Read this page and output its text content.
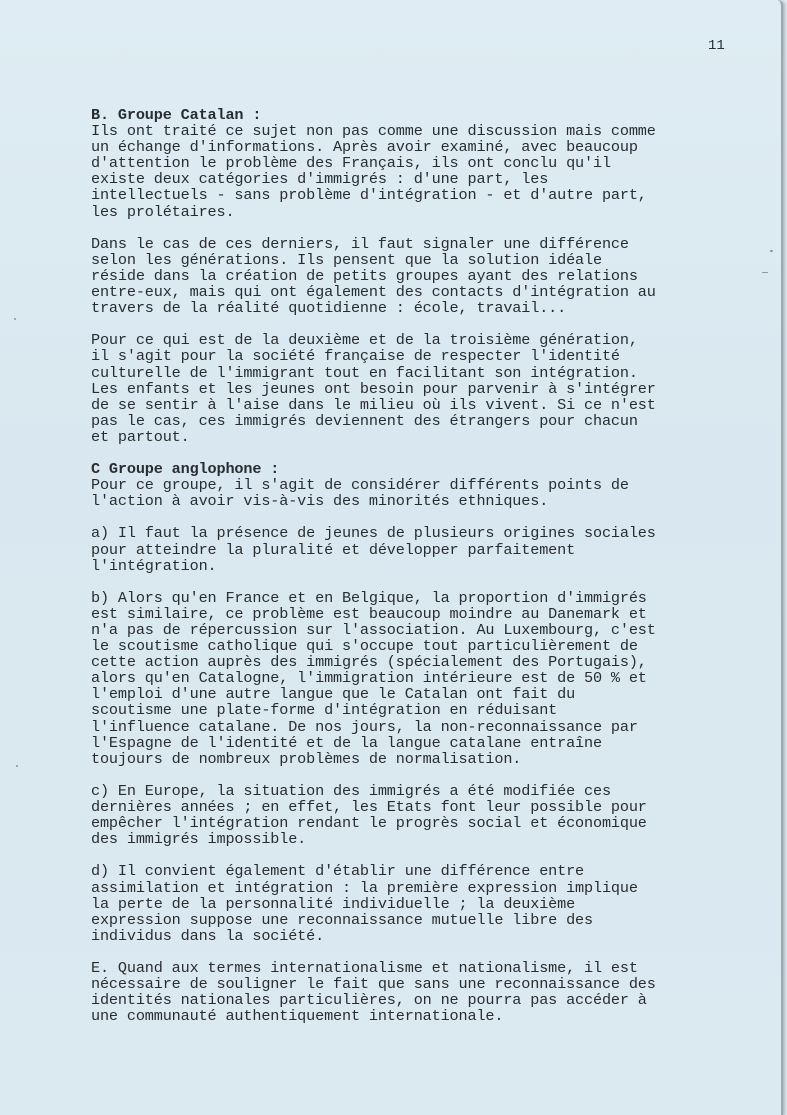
11
B. Groupe Catalan :
Ils ont traité ce sujet non pas comme une discussion mais comme
un échange d'informations. Après avoir examiné, avec beaucoup
d'attention le problème des Français, ils ont conclu qu'il
existe deux catégories d'immigrés : d'une part, les
intellectuels - sans problème d'intégration - et d'autre part,
les prolétaires.
Dans le cas de ces derniers, il faut signaler une différence
selon les générations. Ils pensent que la solution idéale
réside dans la création de petits groupes ayant des relations
entre-eux, mais qui ont également des contacts d'intégration au
travers de la réalité quotidienne : école, travail...
Pour ce qui est de la deuxième et de la troisième génération,
il s'agit pour la société française de respecter l'identité
culturelle de l'immigrant tout en facilitant son intégration.
Les enfants et les jeunes ont besoin pour parvenir à s'intégrer
de se sentir à l'aise dans le milieu où ils vivent. Si ce n'est
pas le cas, ces immigrés deviennent des étrangers pour chacun
et partout.
C Groupe anglophone :
Pour ce groupe, il s'agit de considérer différents points de
l'action à avoir vis-à-vis des minorités ethniques.
a) Il faut la présence de jeunes de plusieurs origines sociales
pour atteindre la pluralité et développer parfaitement
l'intégration.
b) Alors qu'en France et en Belgique, la proportion d'immigrés
est similaire, ce problème est beaucoup moindre au Danemark et
n'a pas de répercussion sur l'association. Au Luxembourg, c'est
le scoutisme catholique qui s'occupe tout particulièrement de
cette action auprès des immigrés (spécialement des Portugais),
alors qu'en Catalogne, l'immigration intérieure est de 50 % et
l'emploi d'une autre langue que le Catalan ont fait du
scoutisme une plate-forme d'intégration en réduisant
l'influence catalane. De nos jours, la non-reconnaissance par
l'Espagne de l'identité et de la langue catalane entraîne
toujours de nombreux problèmes de normalisation.
c) En Europe, la situation des immigrés a été modifiée ces
dernières années ; en effet, les Etats font leur possible pour
empêcher l'intégration rendant le progrès social et économique
des immigrés impossible.
d) Il convient également d'établir une différence entre
assimilation et intégration : la première expression implique
la perte de la personnalité individuelle ; la deuxième
expression suppose une reconnaissance mutuelle libre des
individus dans la société.
E. Quand aux termes internationalisme et nationalisme, il est
nécessaire de souligner le fait que sans une reconnaissance des
identités nationales particulières, on ne pourra pas accéder à
une communauté authentiquement internationale.
